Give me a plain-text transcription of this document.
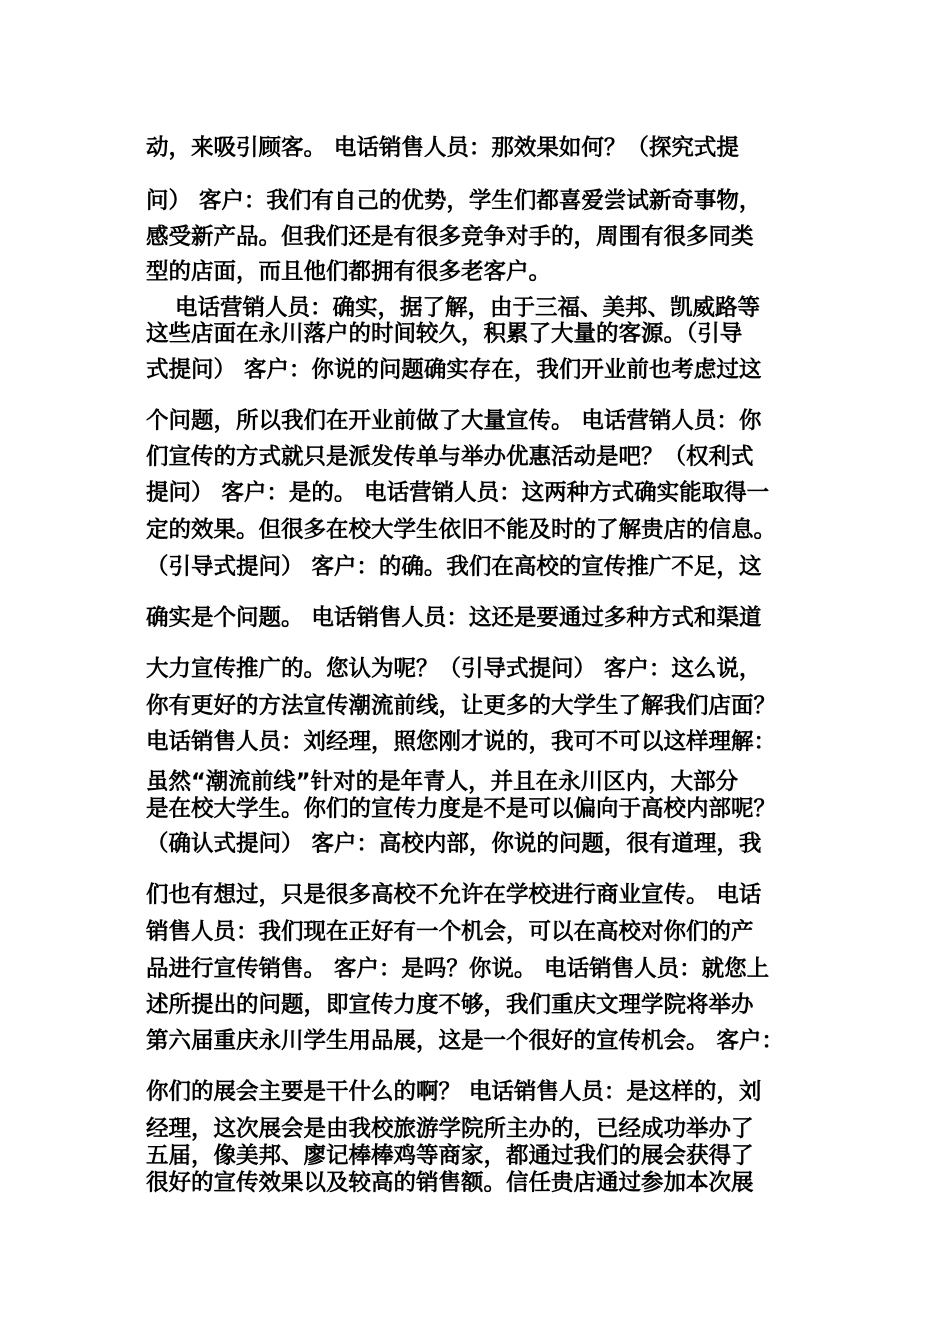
动，来吸引顾客。 电话销售人员：那效果如何？（探究式提
问） 客户：我们有自己的优势，学生们都喜爱尝试新奇事物，
感受新产品。但我们还是有很多竞争对手的，周围有很多同类
型的店面，而且他们都拥有很多老客户。
电话营销人员：确实，据了解，由于三福、美邦、凯威路等
这些店面在永川落户的时间较久，积累了大量的客源。（引导
式提问） 客户：你说的问题确实存在，我们开业前也考虑过这
个问题，所以我们在开业前做了大量宣传。 电话营销人员：你
们宣传的方式就只是派发传单与举办优惠活动是吧？（权利式
提问） 客户：是的。 电话营销人员：这两种方式确实能取得一
定的效果。但很多在校大学生依旧不能及时的了解贵店的信息。
（引导式提问） 客户：的确。我们在高校的宣传推广不足，这
确实是个问题。 电话销售人员：这还是要通过多种方式和渠道
大力宣传推广的。您认为呢？（引导式提问） 客户：这么说，
你有更好的方法宣传潮流前线，让更多的大学生了解我们店面？
电话销售人员：刘经理，照您刚才说的，我可不可以这样理解：
虽然“潮流前线”针对的是年青人，并且在永川区内，大部分
是在校大学生。你们的宣传力度是不是可以偏向于高校内部呢？
（确认式提问） 客户：高校内部，你说的问题，很有道理，我
们也有想过，只是很多高校不允许在学校进行商业宣传。 电话
销售人员：我们现在正好有一个机会，可以在高校对你们的产
品进行宣传销售。 客户：是吗？你说。 电话销售人员：就您上
述所提出的问题，即宣传力度不够，我们重庆文理学院将举办
第六届重庆永川学生用品展，这是一个很好的宣传机会。 客户：
你们的展会主要是干什么的啊？ 电话销售人员：是这样的，刘
经理，这次展会是由我校旅游学院所主办的，已经成功举办了
五届，像美邦、廖记棒棒鸡等商家，都通过我们的展会获得了
很好的宣传效果以及较高的销售额。信任贵店通过参加本次展
